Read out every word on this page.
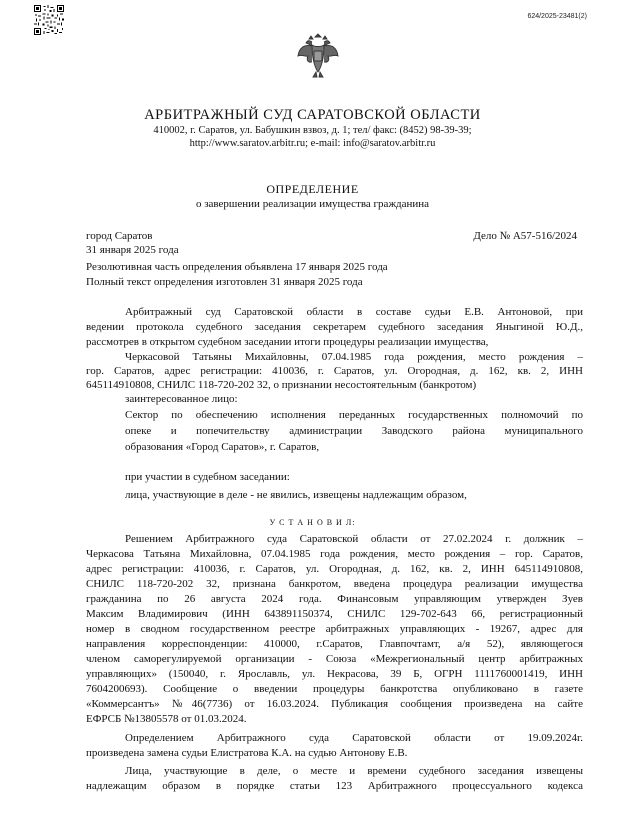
624/2025-23481(2)
АРБИТРАЖНЫЙ СУД САРАТОВСКОЙ ОБЛАСТИ
410002, г. Саратов, ул. Бабушкин взвоз, д. 1; тел/ факс: (8452) 98-39-39;
http://www.saratov.arbitr.ru; e-mail: info@saratov.arbitr.ru
ОПРЕДЕЛЕНИЕ
о завершении реализации имущества гражданина
город Саратов	Дело № А57-516/2024
31 января 2025 года
Резолютивная часть определения объявлена 17 января 2025 года
Полный текст определения изготовлен 31 января 2025 года
Арбитражный суд Саратовской области в составе судьи Е.В. Антоновой, при
ведении протокола судебного заседания секретарем судебного заседания Яныгиной Ю.Д.,
рассмотрев в открытом судебном заседании итоги процедуры реализации имущества,
Черкасовой Татьяны Михайловны, 07.04.1985 года рождения, место рождения –
гор. Саратов, адрес регистрации: 410036, г. Саратов, ул. Огородная, д. 162, кв. 2, ИНН
645114910808, СНИЛС 118-720-202 32, о признании несостоятельным (банкротом)
заинтересованное лицо:
Сектор по обеспечению исполнения переданных государственных полномочий по
опеке и попечительству администрации Заводского района муниципального
образования «Город Саратов», г. Саратов,
при участии в судебном заседании:
лица, участвующие в деле - не явились, извещены надлежащим образом,
У С Т А Н О В И Л:
Решением Арбитражного суда Саратовской области от 27.02.2024 г. должник –
Черкасова Татьяна Михайловна, 07.04.1985 года рождения, место рождения – гор. Саратов,
адрес регистрации: 410036, г. Саратов, ул. Огородная, д. 162, кв. 2, ИНН 645114910808,
СНИЛС 118-720-202 32, признана банкротом, введена процедура реализации имущества
гражданина по 26 августа 2024 года. Финансовым управляющим утвержден Зуев
Максим Владимирович (ИНН 643891150374, СНИЛС 129-702-643 66, регистрационный
номер в сводном государственном реестре арбитражных управляющих - 19267, адрес для
направления корреспонденции: 410000, г.Саратов, Главпочтамт, а/я 52), являющегося
членом саморегулируемой организации - Союза «Межрегиональный центр арбитражных
управляющих» (150040, г. Ярославль, ул. Некрасова, 39 Б, ОГРН 1111760001419, ИНН
7604200693). Сообщение о введении процедуры банкротства опубликовано в газете
«Коммерсантъ» №46(7736) от 16.03.2024. Публикация сообщения произведена на сайте
ЕФРСБ №13805578 от 01.03.2024.
Определением Арбитражного суда Саратовской области от 19.09.2024г.
произведена замена судьи Елистратова К.А. на судью Антонову Е.В.
Лица, участвующие в деле, о месте и времени судебного заседания извещены
надлежащим образом в порядке статьи 123 Арбитражного процессуального кодекса
